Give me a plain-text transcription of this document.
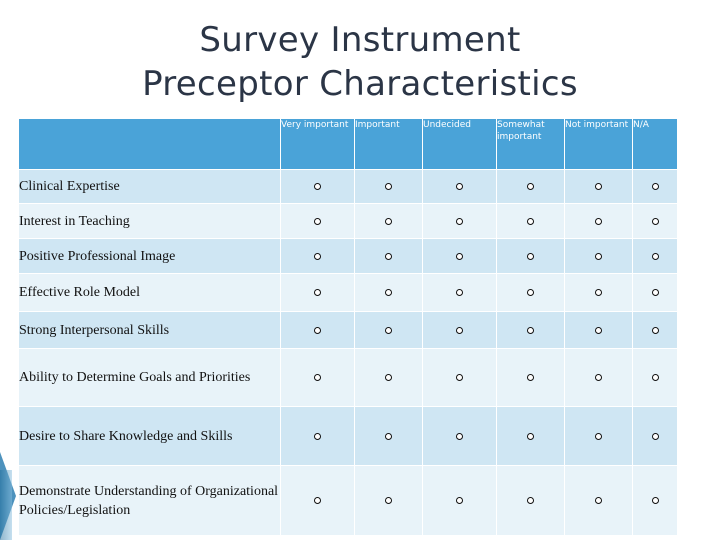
Survey Instrument
Preceptor Characteristics
	Very important	Important	Undecided	Somewhat important	Not important	N/A
Clinical Expertise						
Interest in Teaching						
Positive Professional Image						
Effective Role Model						
Strong Interpersonal Skills						
Ability to Determine Goals and Priorities						
Desire to Share Knowledge and Skills						
Demonstrate Understanding of Organizational Policies/Legislation						
